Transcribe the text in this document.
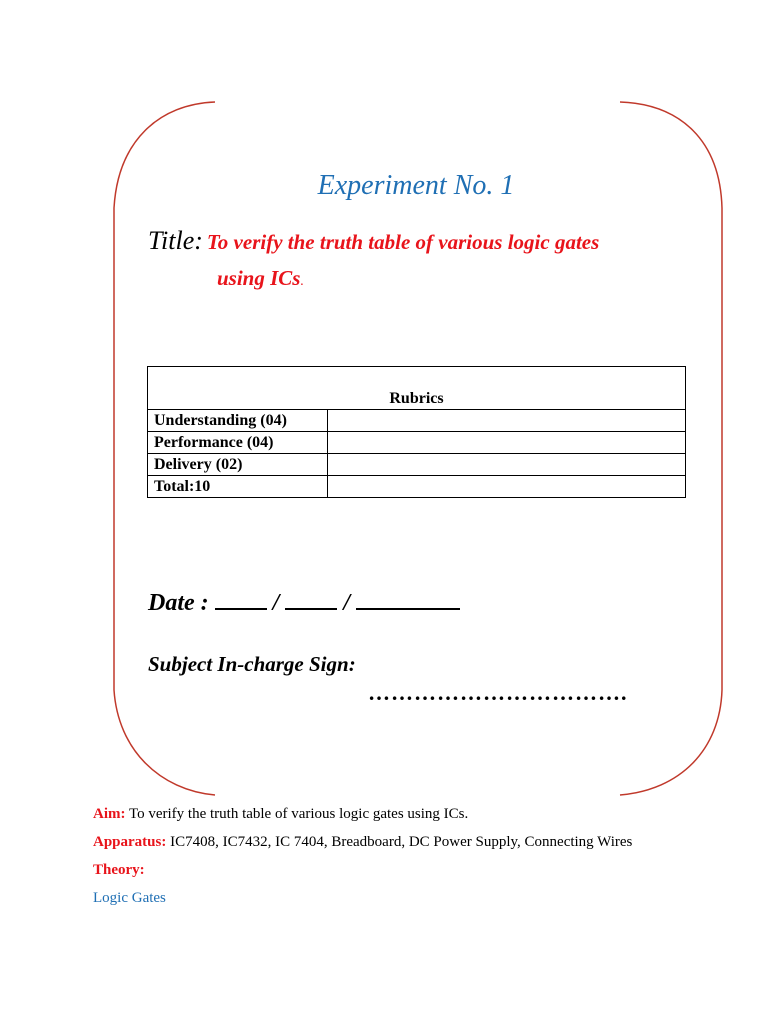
Experiment No. 1
Title: To verify the truth table of various logic gates
using ICs.
Rubrics	
Understanding (04)	
Performance (04)	
Delivery (02)	
Total:10	
Date :	/	/
Subject In-charge Sign:
…………………………….
Aim: To verify the truth table of various logic gates using ICs.
Apparatus: IC7408, IC7432, IC 7404, Breadboard, DC Power Supply, Connecting Wires
Theory:
Logic Gates
